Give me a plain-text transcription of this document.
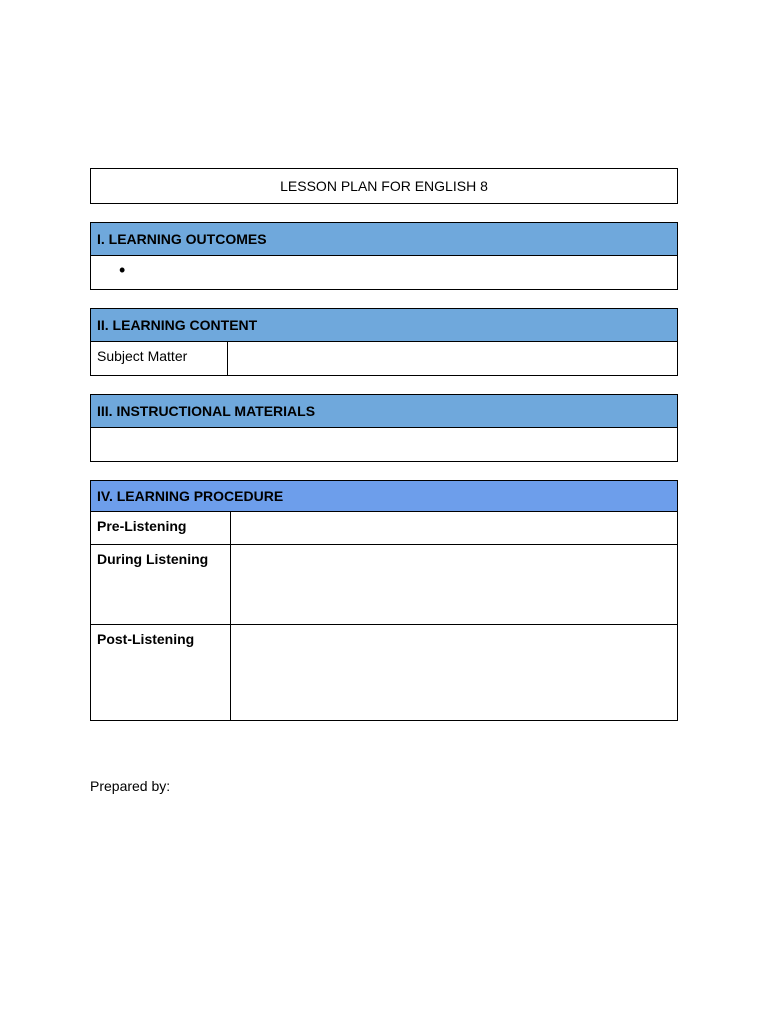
LESSON PLAN FOR ENGLISH 8
I. LEARNING OUTCOMES
•
II. LEARNING CONTENT
Subject Matter
III. INSTRUCTIONAL MATERIALS
IV. LEARNING PROCEDURE
Pre-Listening
During Listening
Post-Listening
Prepared by:
